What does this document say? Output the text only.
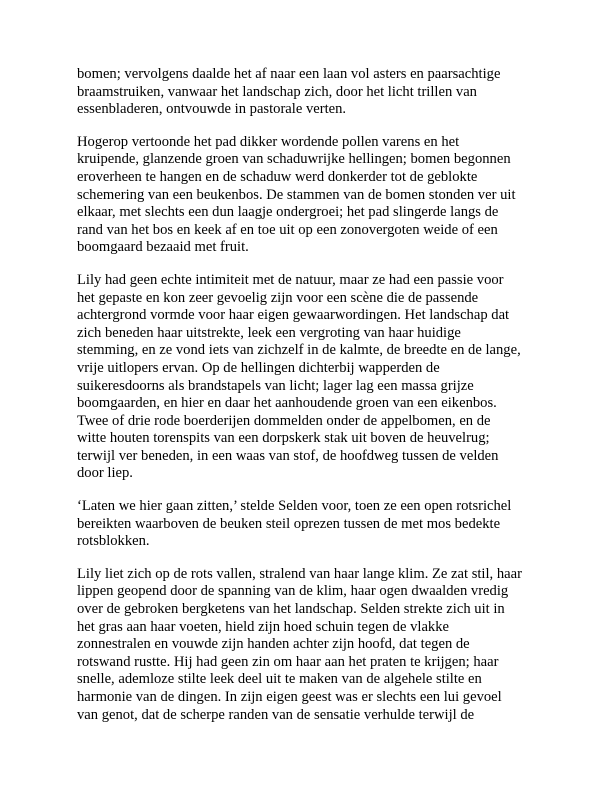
bomen; vervolgens daalde het af naar een laan vol asters en paarsachtige
braamstruiken, vanwaar het landschap zich, door het licht trillen van
essenbladeren, ontvouwde in pastorale verten.

Hogerop vertoonde het pad dikker wordende pollen varens en het
kruipende, glanzende groen van schaduwrijke hellingen; bomen begonnen
eroverheen te hangen en de schaduw werd donkerder tot de geblokte
schemering van een beukenbos. De stammen van de bomen stonden ver uit
elkaar, met slechts een dun laagje ondergroei; het pad slingerde langs de
rand van het bos en keek af en toe uit op een zonovergoten weide of een
boomgaard bezaaid met fruit.

Lily had geen echte intimiteit met de natuur, maar ze had een passie voor
het gepaste en kon zeer gevoelig zijn voor een scène die de passende
achtergrond vormde voor haar eigen gewaarwordingen. Het landschap dat
zich beneden haar uitstrekte, leek een vergroting van haar huidige
stemming, en ze vond iets van zichzelf in de kalmte, de breedte en de lange,
vrije uitlopers ervan. Op de hellingen dichterbij wapperden de
suikeresdoorns als brandstapels van licht; lager lag een massa grijze
boomgaarden, en hier en daar het aanhoudende groen van een eikenbos.
Twee of drie rode boerderijen dommelden onder de appelbomen, en de
witte houten torenspits van een dorpskerk stak uit boven de heuvelrug;
terwijl ver beneden, in een waas van stof, de hoofdweg tussen de velden
door liep.

‘Laten we hier gaan zitten,’ stelde Selden voor, toen ze een open rotsrichel
bereikten waarboven de beuken steil oprezen tussen de met mos bedekte
rotsblokken.

Lily liet zich op de rots vallen, stralend van haar lange klim. Ze zat stil, haar
lippen geopend door de spanning van de klim, haar ogen dwaalden vredig
over de gebroken bergketens van het landschap. Selden strekte zich uit in
het gras aan haar voeten, hield zijn hoed schuin tegen de vlakke
zonnestralen en vouwde zijn handen achter zijn hoofd, dat tegen de
rotswand rustte. Hij had geen zin om haar aan het praten te krijgen; haar
snelle, ademloze stilte leek deel uit te maken van de algehele stilte en
harmonie van de dingen. In zijn eigen geest was er slechts een lui gevoel
van genot, dat de scherpe randen van de sensatie verhulde terwijl de
